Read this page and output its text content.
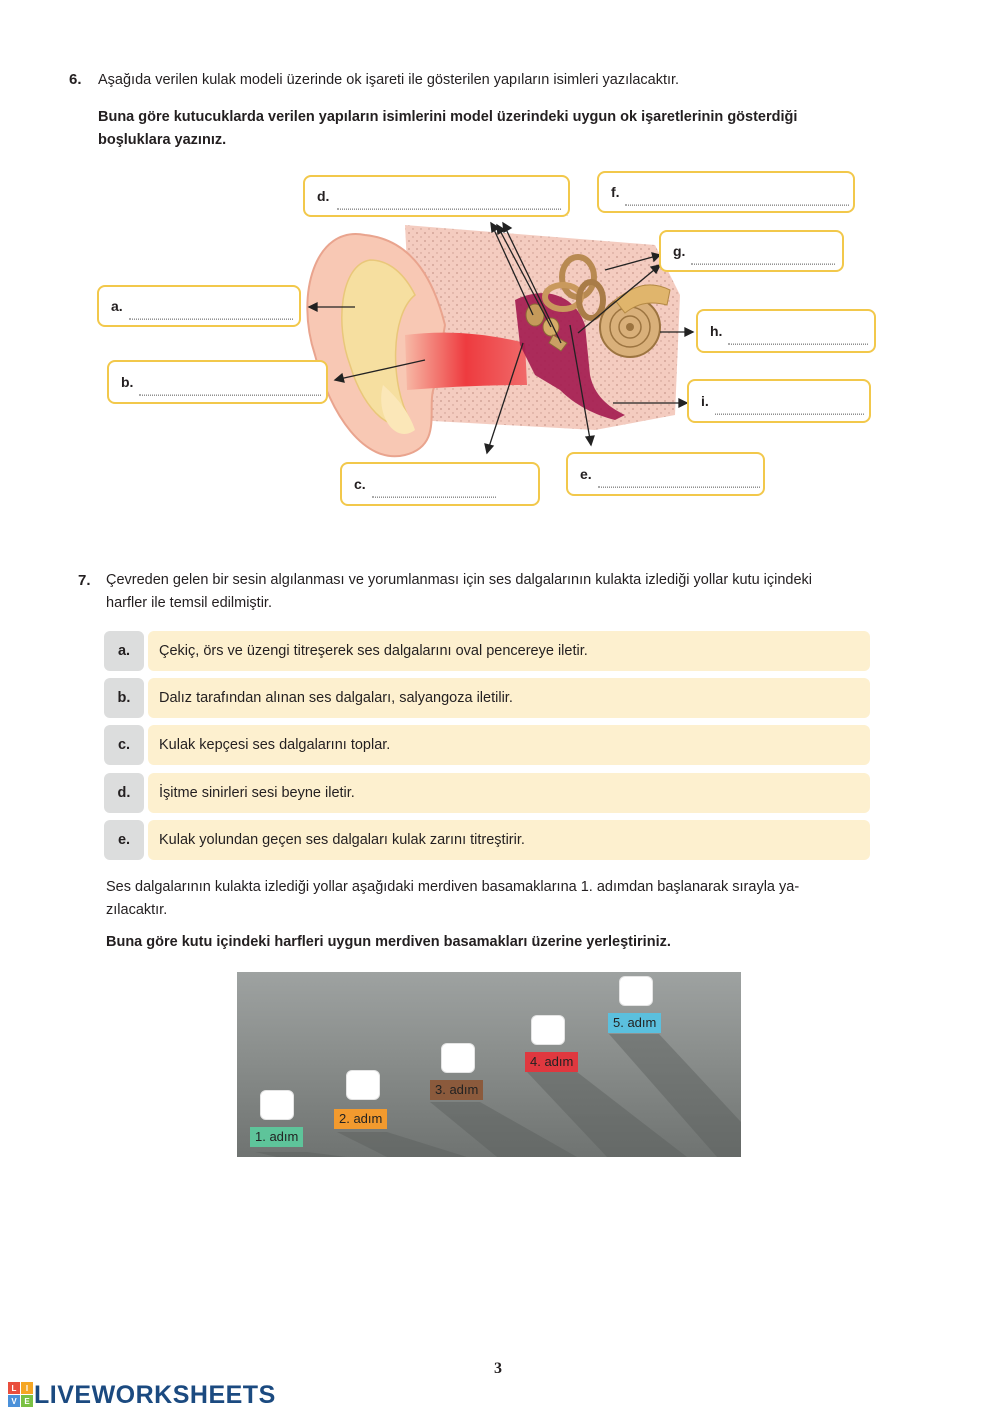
6. Aşağıda verilen kulak modeli üzerinde ok işareti ile gösterilen yapıların isimleri yazılacaktır.
Buna göre kutucuklarda verilen yapıların isimlerini model üzerindeki uygun ok işaretlerinin gösterdiği
boşluklara yazınız.
d.	f.
g.
a.
h.
b.
i.
e.
c.
7. Çevreden gelen bir sesin algılanması ve yorumlanması için ses dalgalarının kulakta izlediği yollar kutu içindeki
harfler ile temsil edilmiştir.
a.	Çekiç, örs ve üzengi titreşerek ses dalgalarını oval pencereye iletir.
b.	Dalız tarafından alınan ses dalgaları, salyangoza iletilir.
c.	Kulak kepçesi ses dalgalarını toplar.
d.	İşitme sinirleri sesi beyne iletir.
e.	Kulak yolundan geçen ses dalgaları kulak zarını titreştirir.
Ses dalgalarının kulakta izlediği yollar aşağıdaki merdiven basamaklarına 1. adımdan başlanarak sırayla ya-
zılacaktır.
Buna göre kutu içindeki harfleri uygun merdiven basamakları üzerine yerleştiriniz.
1. adım
2. adım
3. adım
4. adım
5. adım
3
L I
V E LIVEWORKSHEETS
